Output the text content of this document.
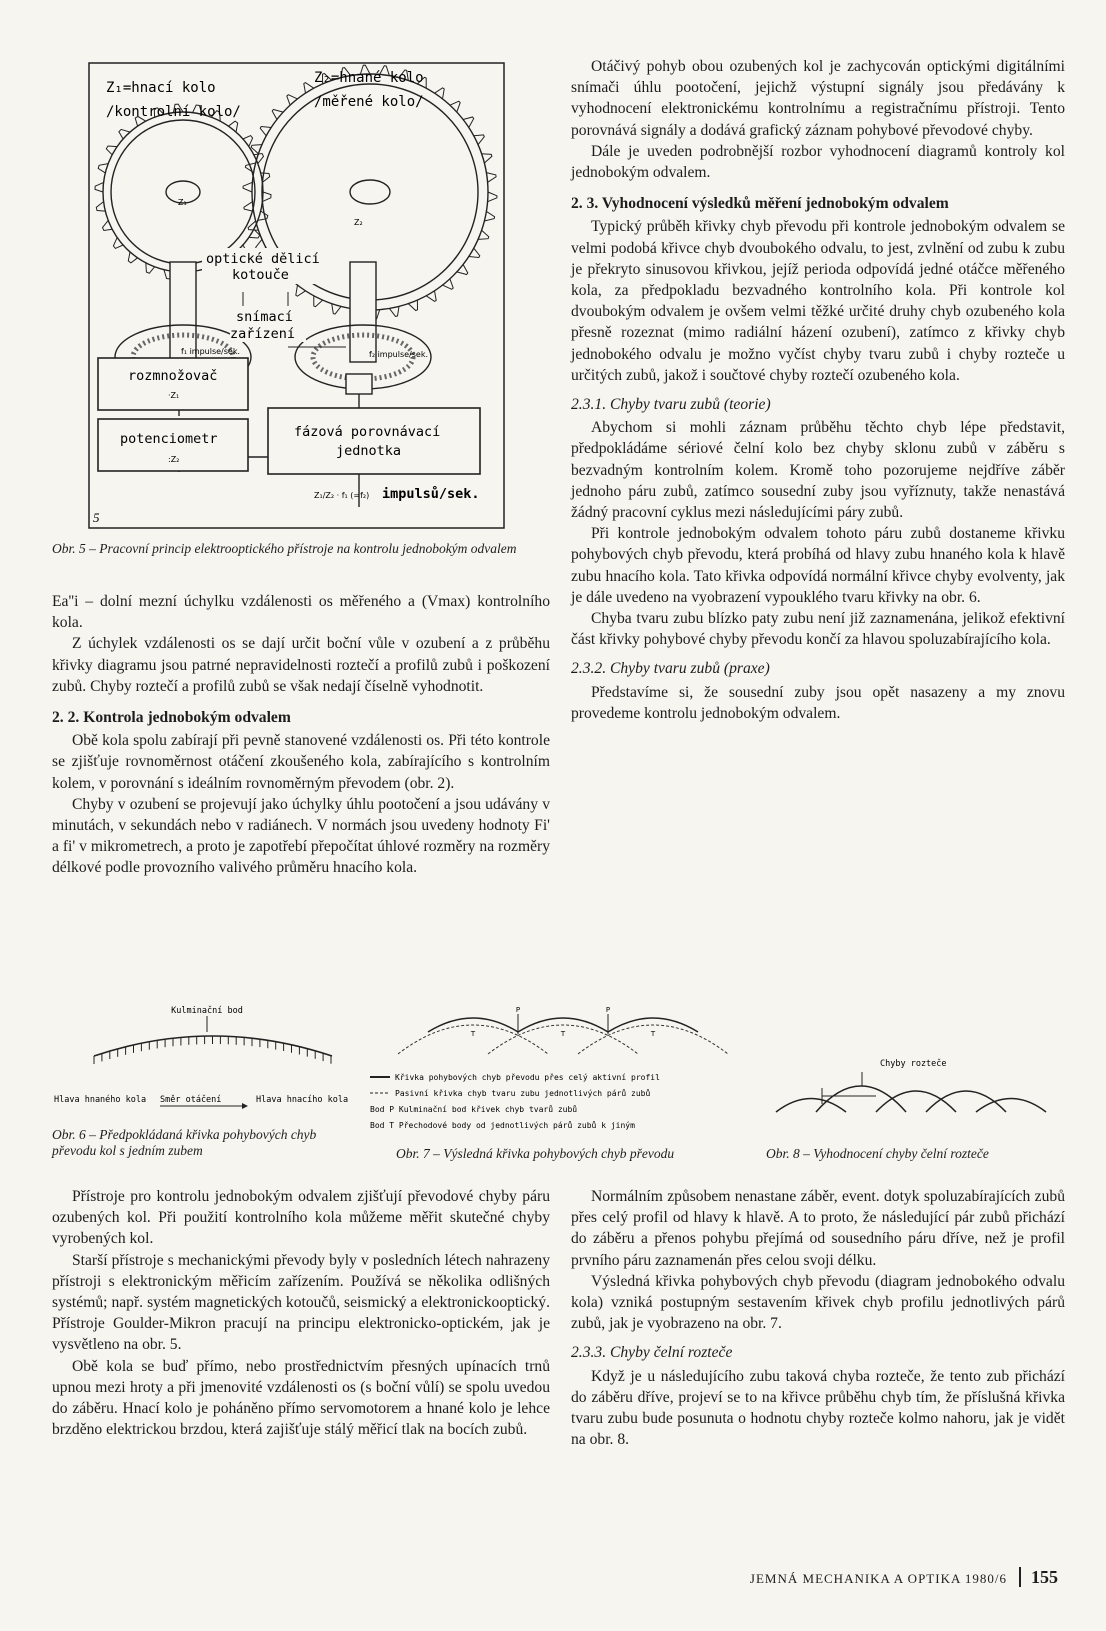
Z₁=hnací kolo
/kontrolní kolo/
Z₂=hnané kolo
/měřené kolo/
Z₁
Z₂
optické dělicí
kotouče
snímací
zařízení
f₁ impulse/sek.	f₂ impulse/sek.
rozmnožovač
·Z₁
potenciometr
:Z₂
fázová porovnávací
jednotka
Z₁/Z₂ · f₁ (=f₂) impulsů/sek.
5
Obr. 5 – Pracovní princip elektrooptického přístroje na kontrolu jednobokým odvalem

Ea''i – dolní mezní úchylku vzdálenosti os měřeného a (Vmax) kontrolního kola.

Z úchylek vzdálenosti os se dají určit boční vůle v ozubení a z průběhu křivky diagramu jsou patrné nepravidelnosti roztečí a profilů zubů i poškození zubů. Chyby roztečí a profilů zubů se však nedají číselně vyhodnotit.

2. 2. Kontrola jednobokým odvalem

Obě kola spolu zabírají při pevně stanovené vzdálenosti os. Při této kontrole se zjišťuje rovnoměrnost otáčení zkoušeného kola, zabírajícího s kontrolním kolem, v porovnání s ideálním rovnoměrným převodem (obr. 2).

Chyby v ozubení se projevují jako úchylky úhlu pootočení a jsou udávány v minutách, v sekundách nebo v radiánech. V normách jsou uvedeny hodnoty Fi' a fi' v mikrometrech, a proto je zapotřebí přepočítat úhlové rozměry na rozměry délkové podle provozního valivého průměru hnacího kola.

Otáčivý pohyb obou ozubených kol je zachycován optickými digitálními snímači úhlu pootočení, jejichž výstupní signály jsou předávány k vyhodnocení elektronickému kontrolnímu a registračnímu přístroji. Tento porovnává signály a dodává grafický záznam pohybové převodové chyby.

Dále je uveden podrobnější rozbor vyhodnocení diagramů kontroly kol jednobokým odvalem.

2. 3. Vyhodnocení výsledků měření jednobokým odvalem

Typický průběh křivky chyb převodu při kontrole jednobokým odvalem se velmi podobá křivce chyb dvoubokého odvalu, to jest, zvlnění od zubu k zubu je překryto sinusovou křivkou, jejíž perioda odpovídá jedné otáčce měřeného kola, za předpokladu bezvadného kontrolního kola. Při kontrole kol dvoubokým odvalem je ovšem velmi těžké určité druhy chyb ozubeného kola přesně rozeznat (mimo radiální házení ozubení), zatímco z křivky chyb jednobokého odvalu je možno vyčíst chyby tvaru zubů i chyby rozteče u určitých zubů, jakož i součtové chyby roztečí ozubeného kola.

2.3.1. Chyby tvaru zubů (teorie)

Abychom si mohli záznam průběhu těchto chyb lépe představit, předpokládáme sériové čelní kolo bez chyby sklonu zubů v záběru s bezvadným kontrolním kolem. Kromě toho pozorujeme nejdříve záběr jednoho páru zubů, zatímco sousední zuby jsou vyříznuty, takže nenastává žádný pracovní cyklus mezi následujícími páry zubů.

Při kontrole jednobokým odvalem tohoto páru zubů dostaneme křivku pohybových chyb převodu, která probíhá od hlavy zubu hnaného kola k hlavě zubu hnacího kola. Tato křivka odpovídá normální křivce chyby evolventy, jak je dále uvedeno na vyobrazení vypouklého tvaru křivky na obr. 6.

Chyba tvaru zubu blízko paty zubu není již zaznamenána, jelikož efektivní část křivky pohybové chyby převodu končí za hlavou spoluzabírajícího kola.

2.3.2. Chyby tvaru zubů (praxe)

Představíme si, že sousední zuby jsou opět nasazeny a my znovu provedeme kontrolu jednobokým odvalem.

Kulminační bod
Hlava hnaného kola Směr otáčení	Hlava hnacího kola
Obr. 6 – Předpokládaná křivka pohybových chyb převodu kol s jedním zubem
P	P
T	T	T
Křivka pohybových chyb převodu přes celý aktivní profil
Pasivní křivka chyb tvaru zubu jednotlivých párů zubů
Bod P Kulminační bod křivek chyb tvarů zubů
Bod T Přechodové body od jednotlivých párů zubů k jiným
Obr. 7 – Výsledná křivka pohybových chyb převodu
Chyby rozteče
Obr. 8 – Vyhodnocení chyby čelní rozteče

Přístroje pro kontrolu jednobokým odvalem zjišťují převodové chyby páru ozubených kol. Při použití kontrolního kola můžeme měřit skutečné chyby vyrobených kol.

Starší přístroje s mechanickými převody byly v posledních létech nahrazeny přístroji s elektronickým měřicím zařízením. Používá se několika odlišných systémů; např. systém magnetických kotoučů, seismický a elektronickooptický. Přístroje Goulder-Mikron pracují na principu elektronicko-optickém, jak je vysvětleno na obr. 5.

Obě kola se buď přímo, nebo prostřednictvím přesných upínacích trnů upnou mezi hroty a při jmenovité vzdálenosti os (s boční vůlí) se spolu uvedou do záběru. Hnací kolo je poháněno přímo servomotorem a hnané kolo je lehce brzděno elektrickou brzdou, která zajišťuje stálý měřicí tlak na bocích zubů.

Normálním způsobem nenastane záběr, event. dotyk spoluzabírajících zubů přes celý profil od hlavy k hlavě. A to proto, že následující pár zubů přichází do záběru a přenos pohybu přejímá od sousedního páru dříve, než je profil prvního páru zaznamenán přes celou svoji délku.

Výsledná křivka pohybových chyb převodu (diagram jednobokého odvalu kola) vzniká postupným sestavením křivek chyb profilu jednotlivých párů zubů, jak je vyobrazeno na obr. 7.

2.3.3. Chyby čelní rozteče

Když je u následujícího zubu taková chyba rozteče, že tento zub přichází do záběru dříve, projeví se to na křivce průběhu chyb tím, že příslušná křivka tvaru zubu bude posunuta o hodnotu chyby rozteče kolmo nahoru, jak je vidět na obr. 8.

JEMNÁ MECHANIKA A OPTIKA 1980/6 155
